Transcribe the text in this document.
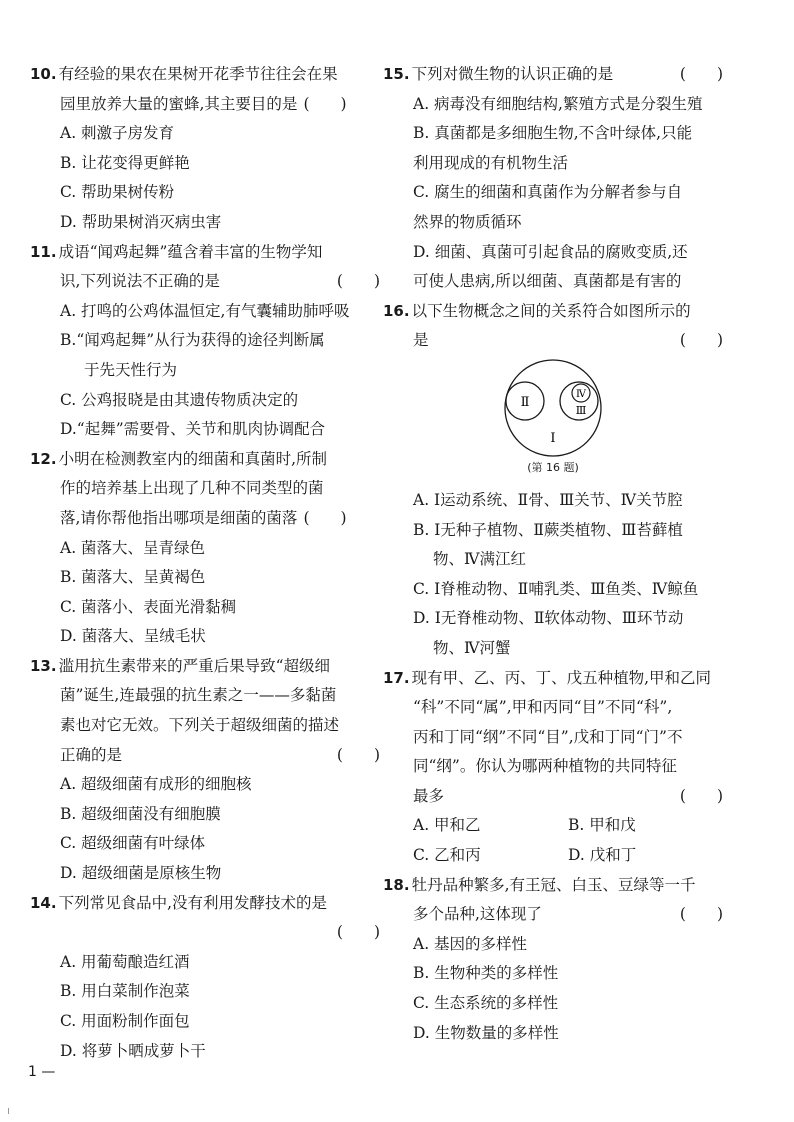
10. 有经验的果农在果树开花季节往往会在果
园里放养大量的蜜蜂,其主要目的是 (　　)
A. 刺激子房发育
B. 让花变得更鲜艳
C. 帮助果树传粉
D. 帮助果树消灭病虫害
11. 成语“闻鸡起舞”蕴含着丰富的生物学知
识,下列说法不正确的是	(　　)
A. 打鸣的公鸡体温恒定,有气囊辅助肺呼吸
B.“闻鸡起舞”从行为获得的途径判断属
于先天性行为
C. 公鸡报晓是由其遗传物质决定的
D.“起舞”需要骨、关节和肌肉协调配合
12. 小明在检测教室内的细菌和真菌时,所制
作的培养基上出现了几种不同类型的菌
落,请你帮他指出哪项是细菌的菌落 (　　)
A. 菌落大、呈青绿色
B. 菌落大、呈黄褐色
C. 菌落小、表面光滑黏稠
D. 菌落大、呈绒毛状
13. 滥用抗生素带来的严重后果导致“超级细
菌”诞生,连最强的抗生素之一——多黏菌
素也对它无效。下列关于超级细菌的描述
正确的是	(　　)
A. 超级细菌有成形的细胞核
B. 超级细菌没有细胞膜
C. 超级细菌有叶绿体
D. 超级细菌是原核生物
14. 下列常见食品中,没有利用发酵技术的是
(　　)
A. 用葡萄酿造红酒
B. 用白菜制作泡菜
C. 用面粉制作面包
D. 将萝卜晒成萝卜干
15. 下列对微生物的认识正确的是	(　　)
A. 病毒没有细胞结构,繁殖方式是分裂生殖
B. 真菌都是多细胞生物,不含叶绿体,只能
利用现成的有机物生活
C. 腐生的细菌和真菌作为分解者参与自
然界的物质循环
D. 细菌、真菌可引起食品的腐败变质,还
可使人患病,所以细菌、真菌都是有害的
16. 以下生物概念之间的关系符合如图所示的
是	(　　)
Ⅰ
Ⅱ
Ⅲ
Ⅳ
(第 16 题)
A. Ⅰ运动系统、Ⅱ骨、Ⅲ关节、Ⅳ关节腔
B. Ⅰ无种子植物、Ⅱ蕨类植物、Ⅲ苔藓植
物、Ⅳ满江红
C. Ⅰ脊椎动物、Ⅱ哺乳类、Ⅲ鱼类、Ⅳ鲸鱼
D. Ⅰ无脊椎动物、Ⅱ软体动物、Ⅲ环节动
物、Ⅳ河蟹
17. 现有甲、乙、丙、丁、戊五种植物,甲和乙同
“科”不同“属”,甲和丙同“目”不同“科”,
丙和丁同“纲”不同“目”,戊和丁同“门”不
同“纲”。你认为哪两种植物的共同特征
最多	(　　)
A. 甲和乙	B. 甲和戊
C. 乙和丙	D. 戊和丁
18. 牡丹品种繁多,有王冠、白玉、豆绿等一千
多个品种,这体现了	(　　)
A. 基因的多样性
B. 生物种类的多样性
C. 生态系统的多样性
D. 生物数量的多样性
1 —
